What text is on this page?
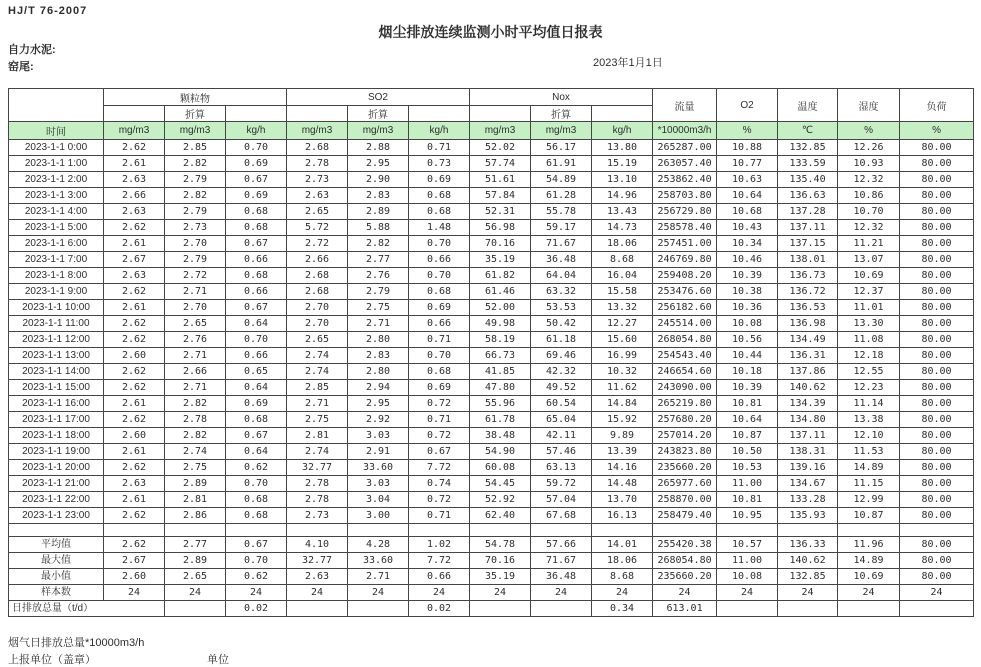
HJ/T 76-2007
烟尘排放连续监测小时平均值日报表
自力水泥:
窑尾:	2023年1月1日
	颗粒物			SO2			Nox			流量	O2	温度	湿度	负荷
		折算			折算			折算						
时间	mg/m3	mg/m3	kg/h	mg/m3	mg/m3	kg/h	mg/m3	mg/m3	kg/h	*10000m3/h	%	℃	%	%
2023-1-1 0:00	2.62	2.85	0.70	2.68	2.88	0.71	52.02	56.17	13.80	265287.00	10.88	132.85	12.26	80.00
2023-1-1 1:00	2.61	2.82	0.69	2.78	2.95	0.73	57.74	61.91	15.19	263057.40	10.77	133.59	10.93	80.00
2023-1-1 2:00	2.63	2.79	0.67	2.73	2.90	0.69	51.61	54.89	13.10	253862.40	10.63	135.40	12.32	80.00
2023-1-1 3:00	2.66	2.82	0.69	2.63	2.83	0.68	57.84	61.28	14.96	258703.80	10.64	136.63	10.86	80.00
2023-1-1 4:00	2.63	2.79	0.68	2.65	2.89	0.68	52.31	55.78	13.43	256729.80	10.68	137.28	10.70	80.00
2023-1-1 5:00	2.62	2.73	0.68	5.72	5.88	1.48	56.98	59.17	14.73	258578.40	10.43	137.11	12.32	80.00
2023-1-1 6:00	2.61	2.70	0.67	2.72	2.82	0.70	70.16	71.67	18.06	257451.00	10.34	137.15	11.21	80.00
2023-1-1 7:00	2.67	2.79	0.66	2.66	2.77	0.66	35.19	36.48	8.68	246769.80	10.46	138.01	13.07	80.00
2023-1-1 8:00	2.63	2.72	0.68	2.68	2.76	0.70	61.82	64.04	16.04	259408.20	10.39	136.73	10.69	80.00
2023-1-1 9:00	2.62	2.71	0.66	2.68	2.79	0.68	61.46	63.32	15.58	253476.60	10.38	136.72	12.37	80.00
2023-1-1 10:00	2.61	2.70	0.67	2.70	2.75	0.69	52.00	53.53	13.32	256182.60	10.36	136.53	11.01	80.00
2023-1-1 11:00	2.62	2.65	0.64	2.70	2.71	0.66	49.98	50.42	12.27	245514.00	10.08	136.98	13.30	80.00
2023-1-1 12:00	2.62	2.76	0.70	2.65	2.80	0.71	58.19	61.18	15.60	268054.80	10.56	134.49	11.08	80.00
2023-1-1 13:00	2.60	2.71	0.66	2.74	2.83	0.70	66.73	69.46	16.99	254543.40	10.44	136.31	12.18	80.00
2023-1-1 14:00	2.62	2.66	0.65	2.74	2.80	0.68	41.85	42.32	10.32	246654.60	10.18	137.86	12.55	80.00
2023-1-1 15:00	2.62	2.71	0.64	2.85	2.94	0.69	47.80	49.52	11.62	243090.00	10.39	140.62	12.23	80.00
2023-1-1 16:00	2.61	2.82	0.69	2.71	2.95	0.72	55.96	60.54	14.84	265219.80	10.81	134.39	11.14	80.00
2023-1-1 17:00	2.62	2.78	0.68	2.75	2.92	0.71	61.78	65.04	15.92	257680.20	10.64	134.80	13.38	80.00
2023-1-1 18:00	2.60	2.82	0.67	2.81	3.03	0.72	38.48	42.11	9.89	257014.20	10.87	137.11	12.10	80.00
2023-1-1 19:00	2.61	2.74	0.64	2.74	2.91	0.67	54.90	57.46	13.39	243823.80	10.50	138.31	11.53	80.00
2023-1-1 20:00	2.62	2.75	0.62	32.77	33.60	7.72	60.08	63.13	14.16	235660.20	10.53	139.16	14.89	80.00
2023-1-1 21:00	2.63	2.89	0.70	2.78	3.03	0.74	54.45	59.72	14.48	265977.60	11.00	134.67	11.15	80.00
2023-1-1 22:00	2.61	2.81	0.68	2.78	3.04	0.72	52.92	57.04	13.70	258870.00	10.81	133.28	12.99	80.00
2023-1-1 23:00	2.62	2.86	0.68	2.73	3.00	0.71	62.40	67.68	16.13	258479.40	10.95	135.93	10.87	80.00

平均值	2.62	2.77	0.67	4.10	4.28	1.02	54.78	57.66	14.01	255420.38	10.57	136.33	11.96	80.00
最大值	2.67	2.89	0.70	32.77	33.60	7.72	70.16	71.67	18.06	268054.80	11.00	140.62	14.89	80.00
最小值	2.60	2.65	0.62	2.63	2.71	0.66	35.19	36.48	8.68	235660.20	10.08	132.85	10.69	80.00
样本数	24	24	24	24	24	24	24	24	24	24	24	24	24	24
日排放总量（t/d）			0.02			0.02			0.34	613.01				
烟气日排放总量*10000m3/h
上报单位（盖章）	单位
